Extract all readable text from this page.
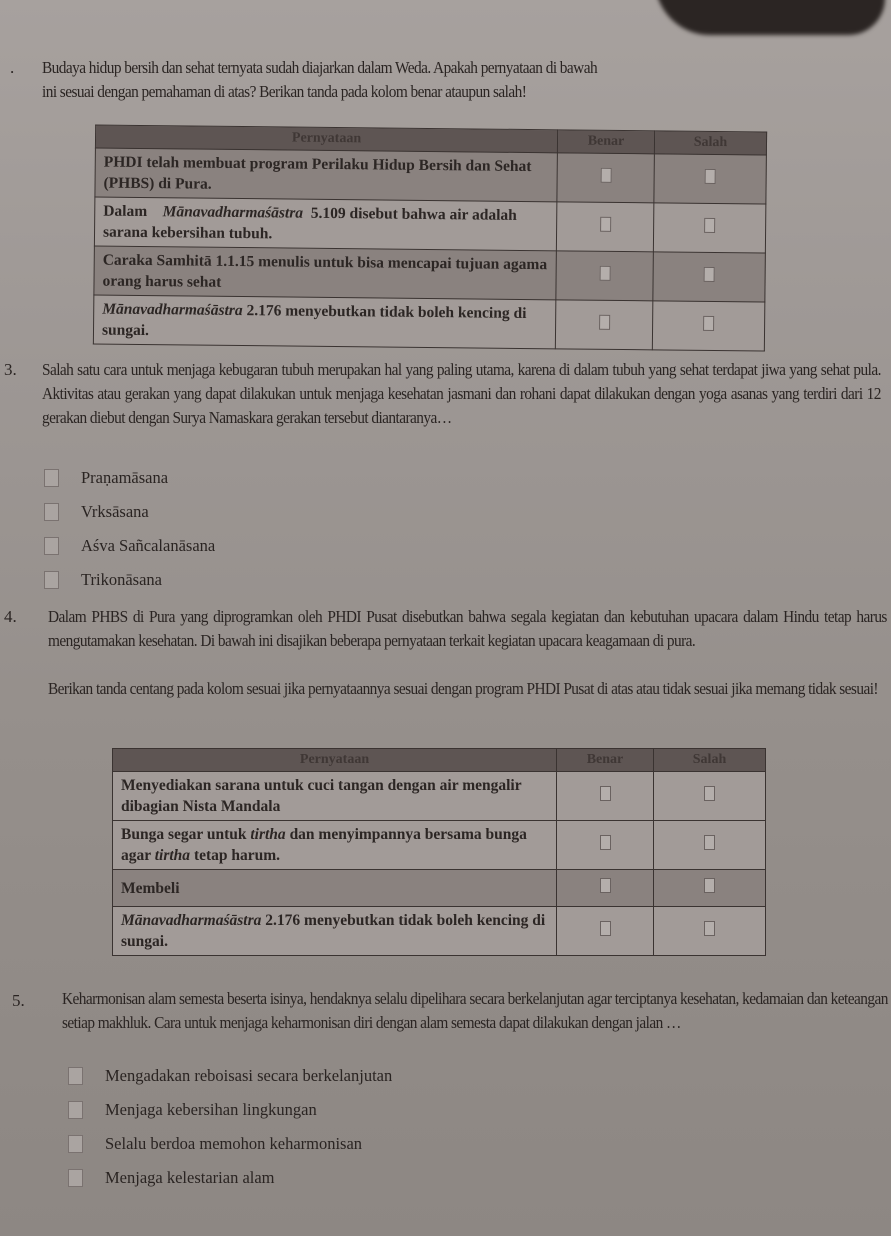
. Budaya hidup bersih dan sehat ternyata sudah diajarkan dalam Weda. Apakah pernyataan di bawah
ini sesuai dengan pemahaman di atas? Berikan tanda pada kolom benar ataupun salah!
Pernyataan	Benar	Salah
PHDI telah membuat program Perilaku Hidup Bersih dan Sehat (PHBS) di Pura.		
Dalam Mānavadharmaśāstra 5.109 disebut bahwa air adalah sarana kebersihan tubuh.		
Caraka Samhitā 1.1.15 menulis untuk bisa mencapai tujuan agama orang harus sehat		
Mānavadharmaśāstra 2.176 menyebutkan tidak boleh kencing di sungai.		
3. Salah satu cara untuk menjaga kebugaran tubuh merupakan hal yang paling utama, karena di dalam tubuh yang sehat terdapat jiwa yang sehat pula. Aktivitas atau gerakan yang dapat dilakukan untuk menjaga kesehatan jasmani dan rohani dapat dilakukan dengan yoga asanas yang terdiri dari 12 gerakan diebut dengan Surya Namaskara gerakan tersebut diantaranya…
Praṇamāsana
Vrksāsana
Aśva Sañcalanāsana
Trikonāsana
4. Dalam PHBS di Pura yang diprogramkan oleh PHDI Pusat disebutkan bahwa segala kegiatan dan kebutuhan upacara dalam Hindu tetap harus mengutamakan kesehatan. Di bawah ini disajikan beberapa pernyataan terkait kegiatan upacara keagamaan di pura.
Berikan tanda centang pada kolom sesuai jika pernyataannya sesuai dengan program PHDI Pusat di atas atau tidak sesuai jika memang tidak sesuai!
Pernyataan	Benar	Salah
Menyediakan sarana untuk cuci tangan dengan air mengalir dibagian Nista Mandala		
Bunga segar untuk tirtha dan menyimpannya bersama bunga agar tirtha tetap harum.		
Membeli		
Mānavadharmaśāstra 2.176 menyebutkan tidak boleh kencing di sungai.		
5. Keharmonisan alam semesta beserta isinya, hendaknya selalu dipelihara secara berkelanjutan agar terciptanya kesehatan, kedamaian dan keteangan setiap makhluk. Cara untuk menjaga keharmonisan diri dengan alam semesta dapat dilakukan dengan jalan …
Mengadakan reboisasi secara berkelanjutan
Menjaga kebersihan lingkungan
Selalu berdoa memohon keharmonisan
Menjaga kelestarian alam
